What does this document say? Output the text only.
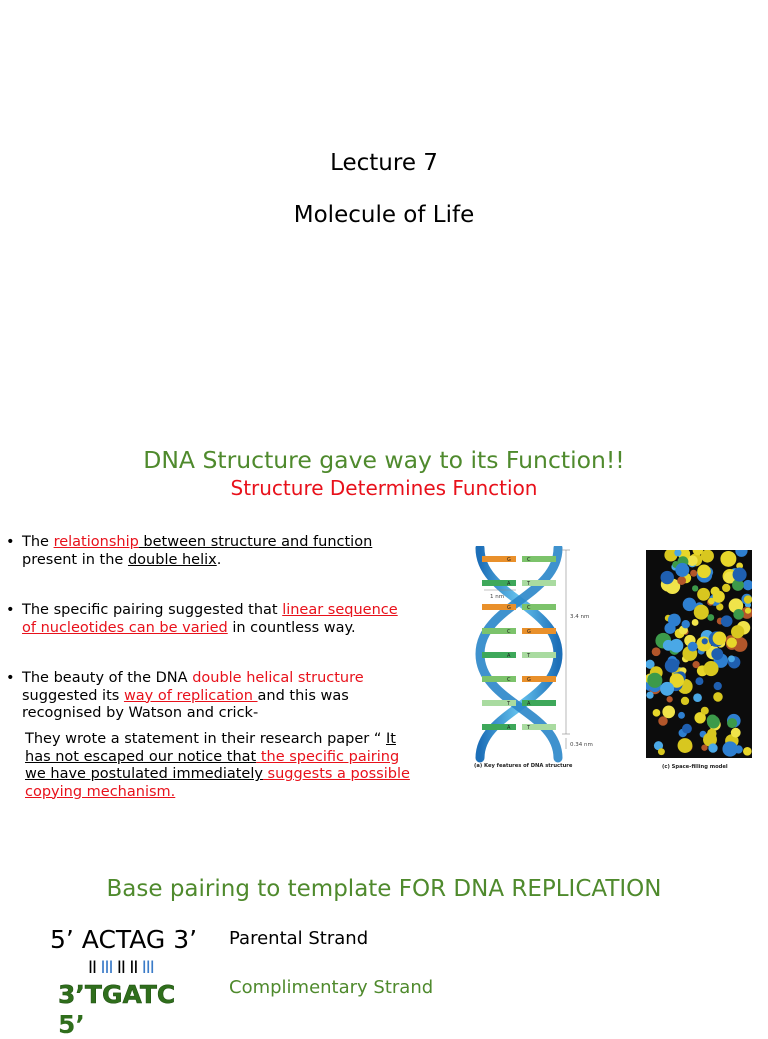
Lecture 7
Molecule of Life
DNA Structure gave way to its Function!!
Structure Determines Function
• The relationship between structure and function
present in the double helix.
• The specific pairing suggested that linear sequence
of nucleotides can be varied in countless way.
• The beauty of the DNA double helical structure
suggested its way of replication and this was
recognised by Watson and crick-
They wrote a statement in their research paper “ It
has not escaped our notice that the specific pairing
we have postulated immediately suggests a possible
copying mechanism.
G	C
A	T
G	C
C	G
A	T
C	G
T	A
A	T
3.4 nm
0.34 nm
1 nm
(a) Key features of DNA structure	(c) Space-filling model
Base pairing to template FOR DNA REPLICATION
5’ ACTAG 3’ Parental Strand
II III II II III
3’TGATC	Complimentary Strand
5’
